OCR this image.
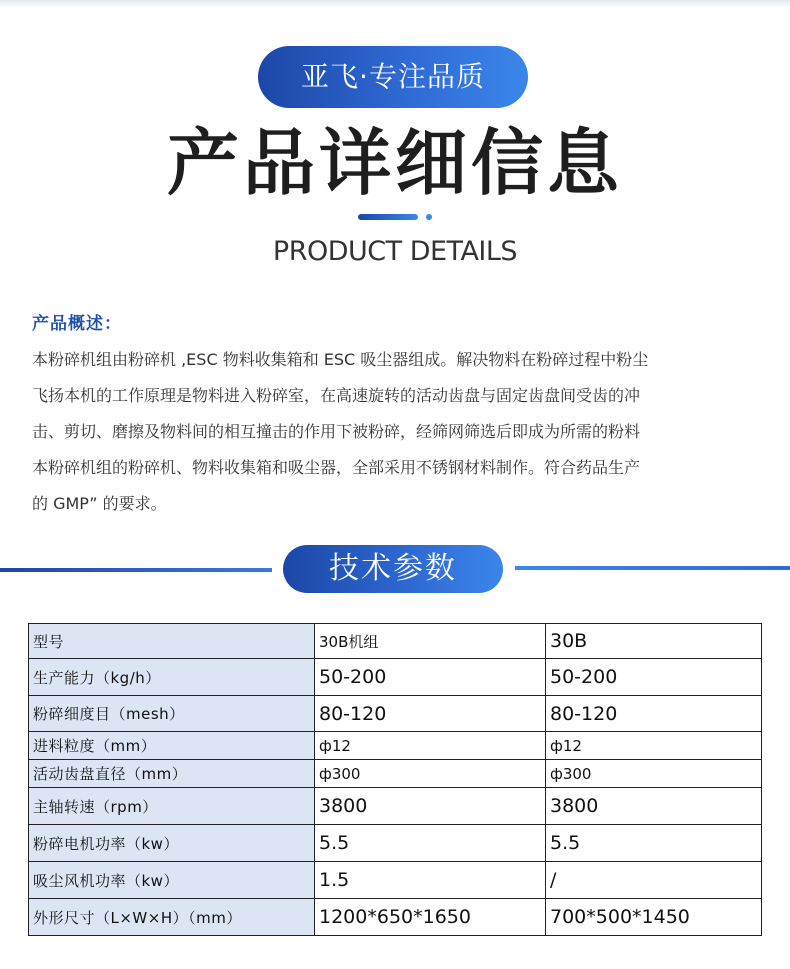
亚飞·专注品质
产品详细信息
PRODUCT DETAILS
产品概述：
本粉碎机组由粉碎机 ,ESC 物料收集箱和 ESC 吸尘器组成。解决物料在粉碎过程中粉尘
飞扬本机的工作原理是物料进入粉碎室，在高速旋转的活动齿盘与固定齿盘间受齿的冲
击、剪切、磨擦及物料间的相互撞击的作用下被粉碎，经筛网筛选后即成为所需的粉料
本粉碎机组的粉碎机、物料收集箱和吸尘器，全部采用不锈钢材料制作。符合药品生产
的 GMP” 的要求。
技术参数
型号	30B机组	30B
生产能力（kg/h）	50-200	50-200
粉碎细度目（mesh）	80-120	80-120
进料粒度（mm）	ф12	ф12
活动齿盘直径（mm）	ф300	ф300
主轴转速（rpm）	3800	3800
粉碎电机功率（kw）	5.5	5.5
吸尘风机功率（kw）	1.5	/
外形尺寸（L×W×H）（mm）	1200*650*1650	700*500*1450
